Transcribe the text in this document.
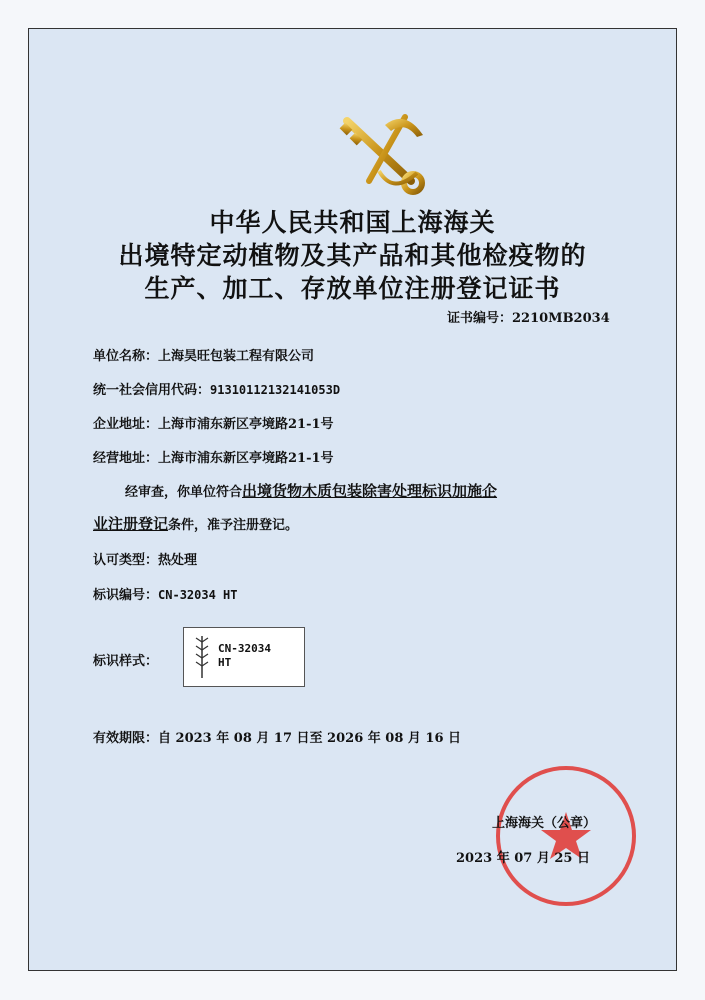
中华人民共和国上海海关
出境特定动植物及其产品和其他检疫物的
生产、加工、存放单位注册登记证书
证书编号：2210MB2034
单位名称：上海昊旺包装工程有限公司
统一社会信用代码：91310112132141053D
企业地址：上海市浦东新区亭境路21-1号
经营地址：上海市浦东新区亭境路21-1号
经审查，你单位符合出境货物木质包装除害处理标识加施企
业注册登记条件，准予注册登记。
认可类型：热处理
标识编号：CN-32034 HT
标识样式：
有效期限：自 2023 年 08 月 17 日至 2026 年 08 月 16 日
CN-32034
HT
上海海关（公章）
2023 年 07 月 25 日
